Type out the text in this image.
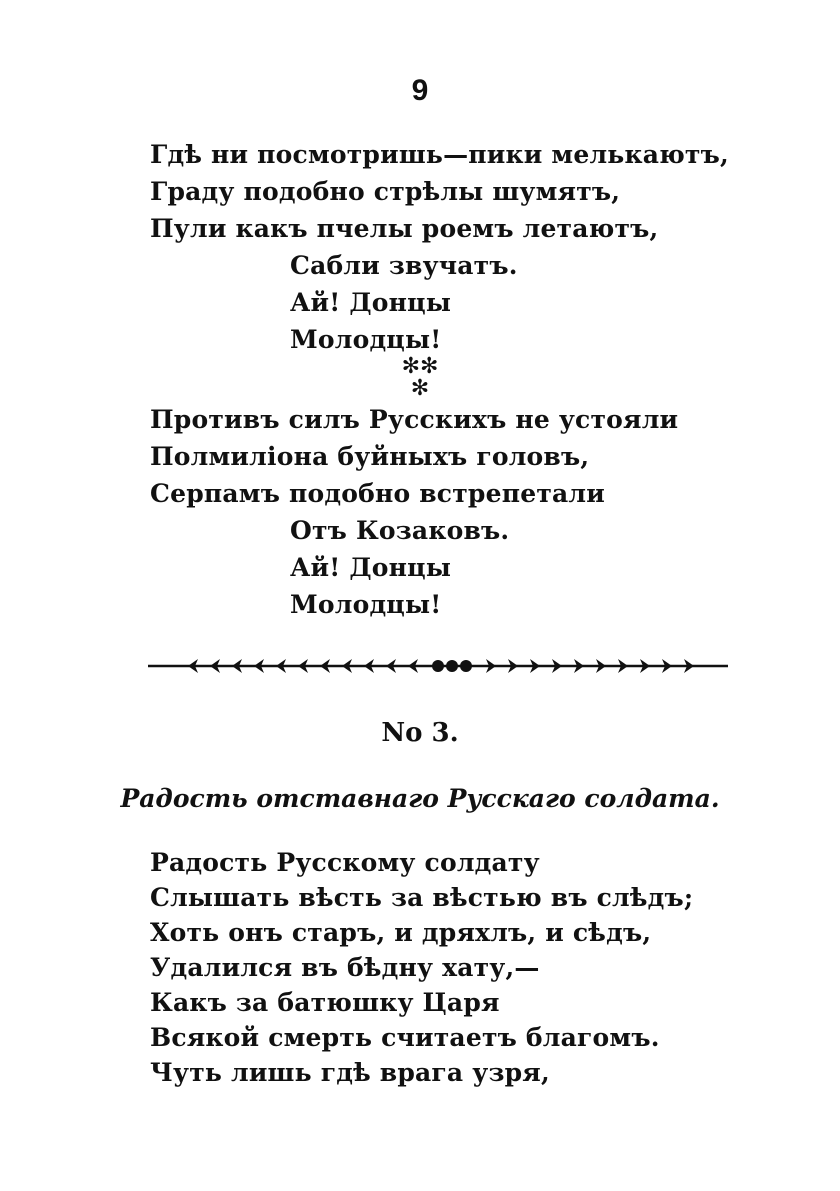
9
Гдѣ ни посмотришь—пики мелькаютъ,
Граду подобно стрѣлы шумятъ,
Пули какъ пчелы роемъ летаютъ,
Сабли звучатъ.
Ай! Донцы
Молодцы!
✻✻
✻
Противъ силъ Русскихъ не устояли
Полмиліона буйныхъ головъ,
Серпамъ подобно встрепетали
Отъ Козаковъ.
Ай! Донцы
Молодцы!
No 3.
Радость отставнаго Русскаго солдата.
Радость Русскому солдату
Слышать вѣсть за вѣстью въ слѣдъ;
Хоть онъ старъ, и дряхлъ, и сѣдъ,
Удалился въ бѣдну хату,—
Какъ за батюшку Царя
Всякой смерть считаетъ благомъ.
Чуть лишь гдѣ врага узря,
